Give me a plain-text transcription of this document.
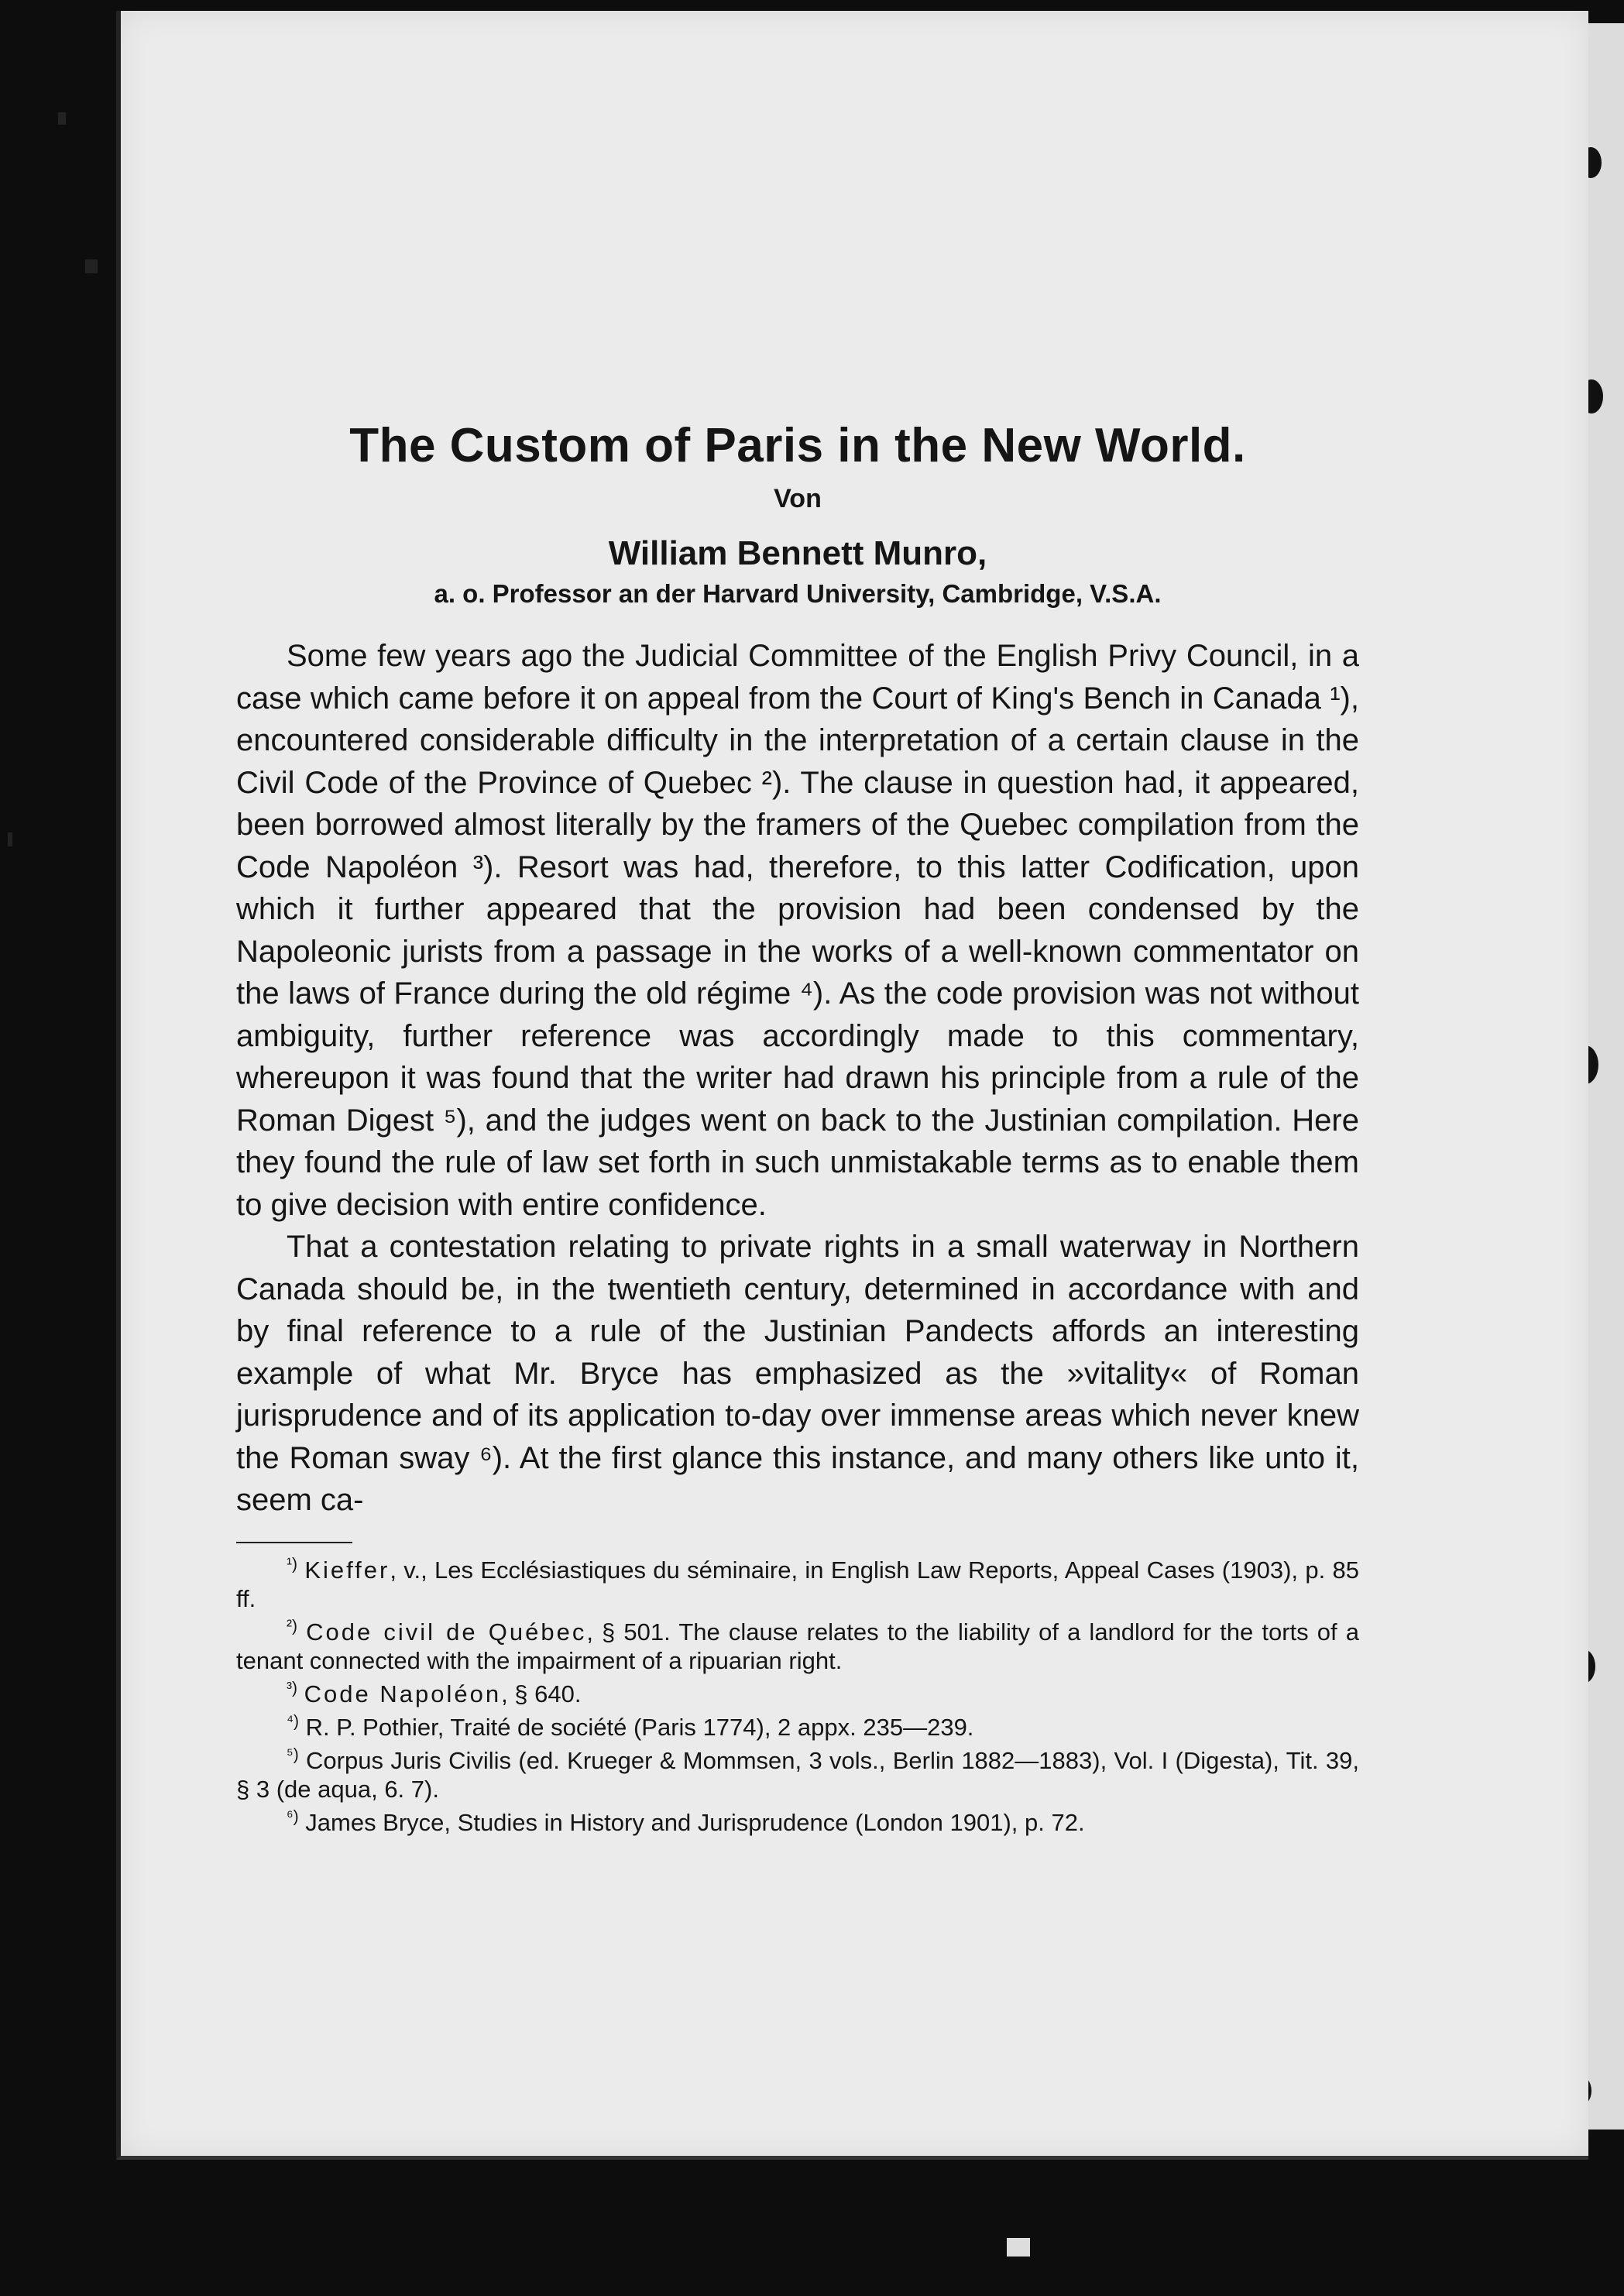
The Custom of Paris in the New World.
Von
William Bennett Munro,
a. o. Professor an der Harvard University, Cambridge, V.S.A.

Some few years ago the Judicial Committee of the English Privy Council, in a case which came before it on appeal from the Court of King's Bench in Canada ¹), encountered considerable difficulty in the interpretation of a certain clause in the Civil Code of the Province of Quebec ²). The clause in question had, it appeared, been borrowed almost literally by the framers of the Quebec compilation from the Code Napoléon ³). Resort was had, therefore, to this latter Codification, upon which it further appeared that the provision had been condensed by the Napoleonic jurists from a passage in the works of a well-known commentator on the laws of France during the old régime ⁴). As the code provision was not without ambiguity, further reference was accordingly made to this commentary, whereupon it was found that the writer had drawn his principle from a rule of the Roman Digest ⁵), and the judges went on back to the Justinian compilation. Here they found the rule of law set forth in such unmistakable terms as to enable them to give decision with entire confidence.

That a contestation relating to private rights in a small waterway in Northern Canada should be, in the twentieth century, determined in accordance with and by final reference to a rule of the Justinian Pandects affords an interesting example of what Mr. Bryce has emphasized as the »vitality« of Roman jurisprudence and of its application to-day over immense areas which never knew the Roman sway ⁶). At the first glance this instance, and many others like unto it, seem ca-

$^{^1)}$ Kieffer, v., Les Ecclésiastiques du séminaire, in English Law Reports, Appeal Cases (1903), p. 85 ff.
$^{^2)}$ Code civil de Québec, § 501. The clause relates to the liability of a landlord for the torts of a tenant connected with the impairment of a ripuarian right.
$^{^3)}$ Code Napoléon, § 640.
$^{^4)}$ R. P. Pothier, Traité de société (Paris 1774), 2 appx. 235—239.
$^{^5)}$ Corpus Juris Civilis (ed. Krueger & Mommsen, 3 vols., Berlin 1882—1883), Vol. I (Digesta), Tit. 39, § 3 (de aqua, 6. 7).
$^{^6)}$ James Bryce, Studies in History and Jurisprudence (London 1901), p. 72.
